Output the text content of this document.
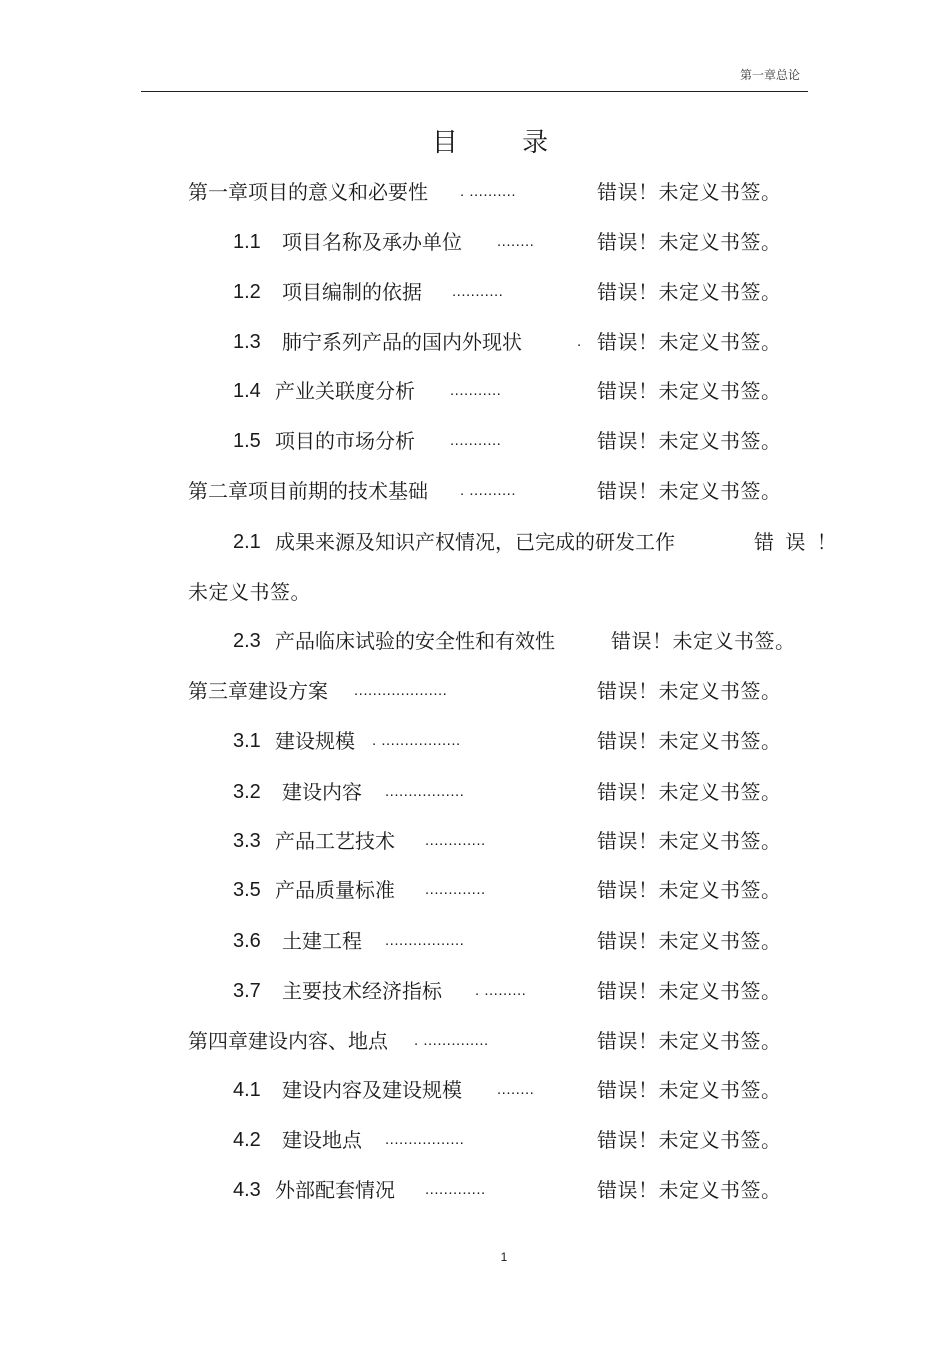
第一章总论
目 录
第一章项目的意义和必要性 . ..........	错误！未定义书签。
1.1 项目名称及承办单位 ........	错误！未定义书签。
1.2 项目编制的依据 ...........	错误！未定义书签。
1.3 肺宁系列产品的国内外现状	. 错误！未定义书签。
1.4 产业关联度分析 ...........	错误！未定义书签。
1.5 项目的市场分析 ...........	错误！未定义书签。
第二章项目前期的技术基础 . ..........	错误！未定义书签。
2.1 成果来源及知识产权情况，已完成的研发工作	错 误 ！
未定义书签。
2.3 产品临床试验的安全性和有效性	错误！未定义书签。
第三章建设方案 ....................	错误！未定义书签。
3.1 建设规模 . .................	错误！未定义书签。
3.2 建设内容 .................	错误！未定义书签。
3.3 产品工艺技术 .............	错误！未定义书签。
3.5 产品质量标准 .............	错误！未定义书签。
3.6 土建工程 .................	错误！未定义书签。
3.7 主要技术经济指标 . .........	错误！未定义书签。
第四章建设内容、地点 . ..............	错误！未定义书签。
4.1 建设内容及建设规模 ........	错误！未定义书签。
4.2 建设地点 .................	错误！未定义书签。
4.3 外部配套情况 .............	错误！未定义书签。
1
